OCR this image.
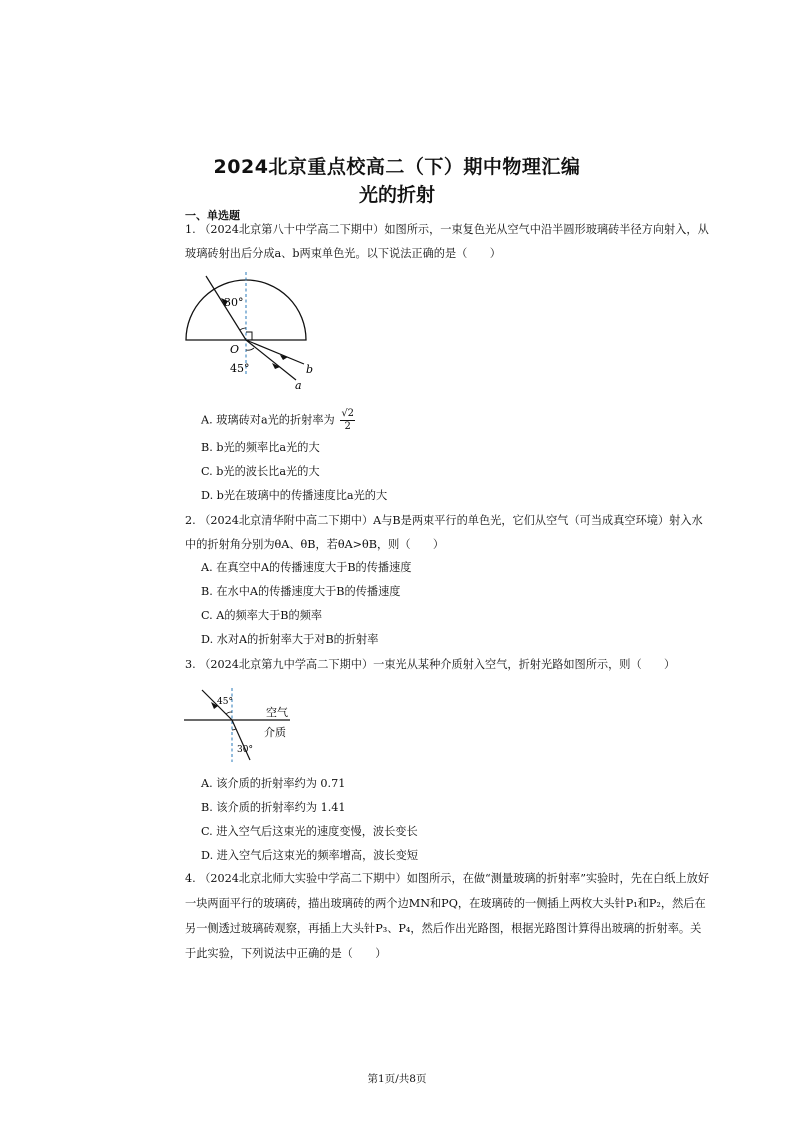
2024北京重点校高二（下）期中物理汇编
光的折射
一、单选题
1. （2024北京第八十中学高二下期中）如图所示，一束复色光从空气中沿半圆形玻璃砖半径方向射入，从
玻璃砖射出后分成a、b两束单色光。以下说法正确的是（　　）
30°
O
45°	b
a
A. 玻璃砖对a光的折射率为 $\frac{√2}{2}$
B. b光的频率比a光的大
C. b光的波长比a光的大
D. b光在玻璃中的传播速度比a光的大
2. （2024北京清华附中高二下期中）A与B是两束平行的单色光，它们从空气（可当成真空环境）射入水
中的折射角分别为θA、θB，若θA>θB，则（　　）
A. 在真空中A的传播速度大于B的传播速度
B. 在水中A的传播速度大于B的传播速度
C. A的频率大于B的频率
D. 水对A的折射率大于对B的折射率
3. （2024北京第九中学高二下期中）一束光从某种介质射入空气，折射光路如图所示，则（　　）
45°
30°
空气
介质
A. 该介质的折射率约为 0.71
B. 该介质的折射率约为 1.41
C. 进入空气后这束光的速度变慢，波长变长
D. 进入空气后这束光的频率增高，波长变短
4. （2024北京北师大实验中学高二下期中）如图所示，在做“测量玻璃的折射率”实验时，先在白纸上放好
一块两面平行的玻璃砖，描出玻璃砖的两个边MN和PQ，在玻璃砖的一侧插上两枚大头针P₁和P₂，然后在
另一侧透过玻璃砖观察，再插上大头针P₃、P₄，然后作出光路图，根据光路图计算得出玻璃的折射率。关
于此实验，下列说法中正确的是（　　）
第1页/共8页
